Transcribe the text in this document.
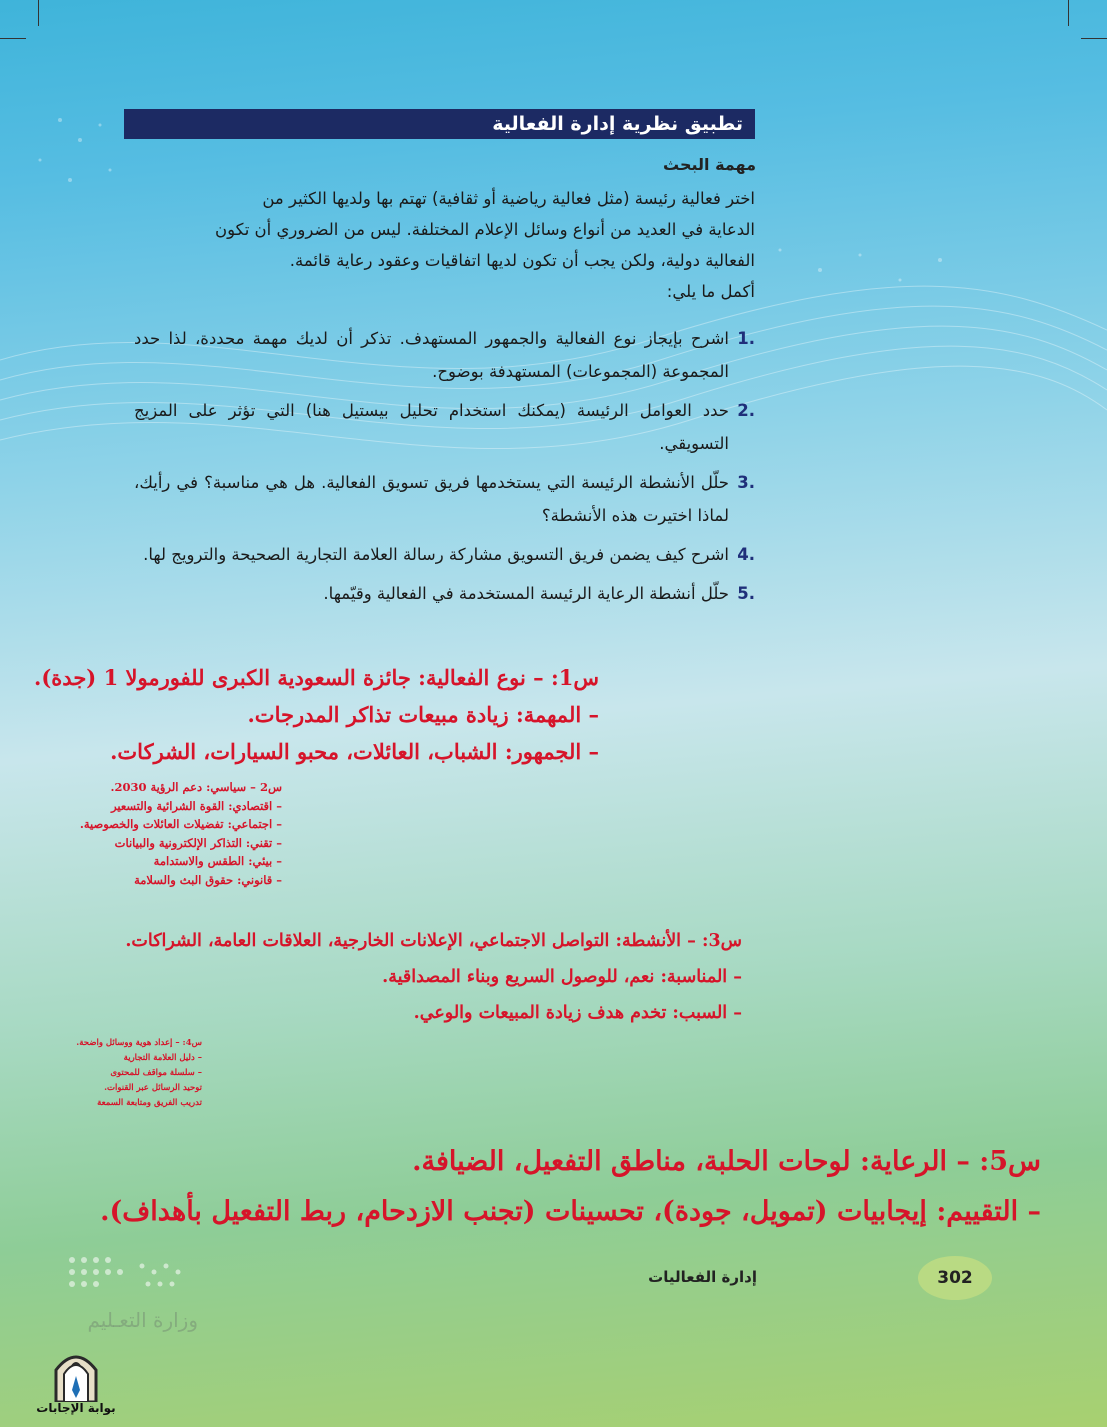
تطبيق نظرية إدارة الفعالية
مهمة البحث

اختر فعالية رئيسة (مثل فعالية رياضية أو ثقافية) تهتم بها ولديها الكثير من

الدعاية في العديد من أنواع وسائل الإعلام المختلفة. ليس من الضروري أن تكون

الفعالية دولية، ولكن يجب أن تكون لديها اتفاقيات وعقود رعاية قائمة.

أكمل ما يلي:

.1
اشرح بإيجاز نوع الفعالية والجمهور المستهدف. تذكر أن لديك مهمة محددة، لذا حدد المجموعة (المجموعات) المستهدفة بوضوح.
.2
حدد العوامل الرئيسة (يمكنك استخدام تحليل بيستيل هنا) التي تؤثر على المزيج التسويقي.
.3
حلّل الأنشطة الرئيسة التي يستخدمها فريق تسويق الفعالية. هل هي مناسبة؟ في رأيك، لماذا اختيرت هذه الأنشطة؟
.4
اشرح كيف يضمن فريق التسويق مشاركة رسالة العلامة التجارية الصحيحة والترويج لها.
.5
حلّل أنشطة الرعاية الرئيسة المستخدمة في الفعالية وقيّمها.
س1: – نوع الفعالية: جائزة السعودية الكبرى للفورمولا 1 (جدة).
– المهمة: زيادة مبيعات تذاكر المدرجات.
– الجمهور: الشباب، العائلات، محبو السيارات، الشركات.
س2 – سياسي: دعم الرؤية 2030.
– اقتصادي: القوة الشرائية والتسعير
– اجتماعي: تفضيلات العائلات والخصوصية.
– تقني: التذاكر الإلكترونية والبيانات
– بيئي: الطقس والاستدامة
– قانوني: حقوق البث والسلامة
س3: – الأنشطة: التواصل الاجتماعي، الإعلانات الخارجية، العلاقات العامة، الشراكات.
– المناسبة: نعم، للوصول السريع وبناء المصداقية.
– السبب: تخدم هدف زيادة المبيعات والوعي.
س4: – إعداد هوية ووسائل واضحة.
– دليل العلامة التجارية
– سلسلة مواقف للمحتوى
توحيد الرسائل عبر القنوات.
تدريب الفريق ومتابعة السمعة
س5: – الرعاية: لوحات الحلبة، مناطق التفعيل، الضيافة.
– التقييم: إيجابيات (تمويل، جودة)، تحسينات (تجنب الازدحام، ربط التفعيل بأهداف).
إدارة الفعاليات	302
وزارة التعـليم
بوابة الإجابات
